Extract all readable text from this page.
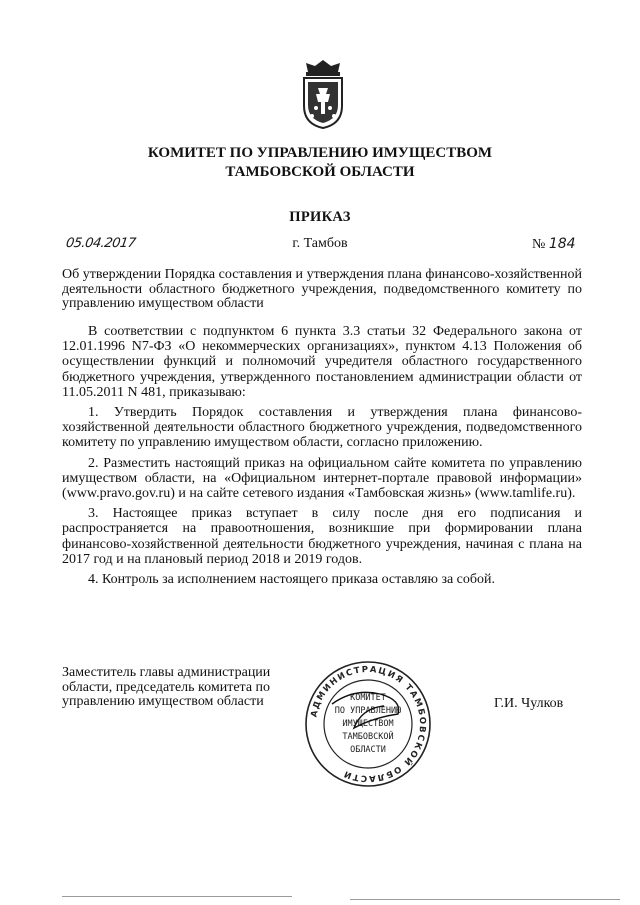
КОМИТЕТ ПО УПРАВЛЕНИЮ ИМУЩЕСТВОМ
ТАМБОВСКОЙ ОБЛАСТИ
ПРИКАЗ
05.04.2017	г. Тамбов	№ 184
Об утверждении Порядка составления и утверждения плана финансово-хозяйственной деятельности областного бюджетного учреждения, подведомственного комитету по управлению имуществом области

В соответствии с подпунктом 6 пункта 3.3 статьи 32 Федерального закона от 12.01.1996 N7-ФЗ «О некоммерческих организациях», пунктом 4.13 Положения об осуществлении функций и полномочий учредителя областного государственного бюджетного учреждения, утвержденного постановлением администрации области от 11.05.2011 N 481, приказываю:

1. Утвердить Порядок составления и утверждения плана финансово-хозяйственной деятельности областного бюджетного учреждения, подведомственного комитету по управлению имуществом области, согласно приложению.

2. Разместить настоящий приказ на официальном сайте комитета по управлению имуществом области, на «Официальном интернет-портале правовой информации» (www.pravo.gov.ru) и на сайте сетевого издания «Тамбовская жизнь» (www.tamlife.ru).

3. Настоящее приказ вступает в силу после дня его подписания и распространяется на правоотношения, возникшие при формировании плана финансово-хозяйственной деятельности бюджетного учреждения, начиная с плана на 2017 год и на плановый период 2018 и 2019 годов.

4. Контроль за исполнением настоящего приказа оставляю за собой.

Заместитель главы администрации
области, председатель комитета по
управлению имуществом области
АДМИНИСТРАЦИЯ ТАМБОВСКОЙ ОБЛАСТИ
КОМИТЕТ
ПО УПРАВЛЕНИЮ
ИМУЩЕСТВОМ
ТАМБОВСКОЙ
ОБЛАСТИ
Г.И. Чулков
